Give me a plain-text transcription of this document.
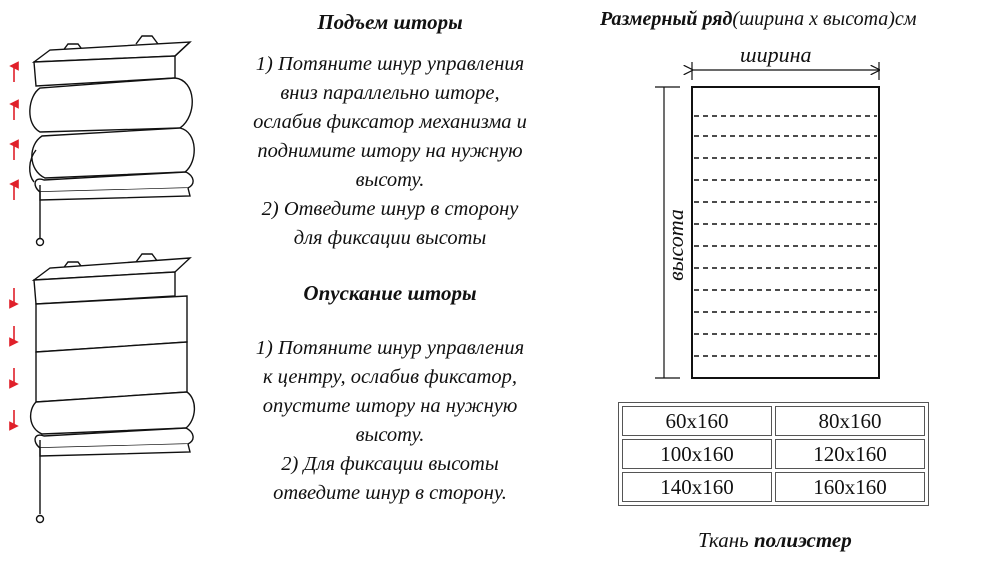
Подъем шторы
1) Потяните шнур управления
вниз параллельно шторе,
ослабив фиксатор механизма и
поднимите штору на нужную
высоту.
2) Отведите шнур в сторону
для фиксации высоты
Опускание шторы
1) Потяните шнур управления
к центру, ослабив фиксатор,
опустите штору на нужную
высоту.
2) Для фиксации высоты
отведите шнур в сторону.
Размерный ряд(ширина х высота)см
ширина
высота
60x160	80x160
100x160	120x160
140x160	160x160
Ткань полиэстер
